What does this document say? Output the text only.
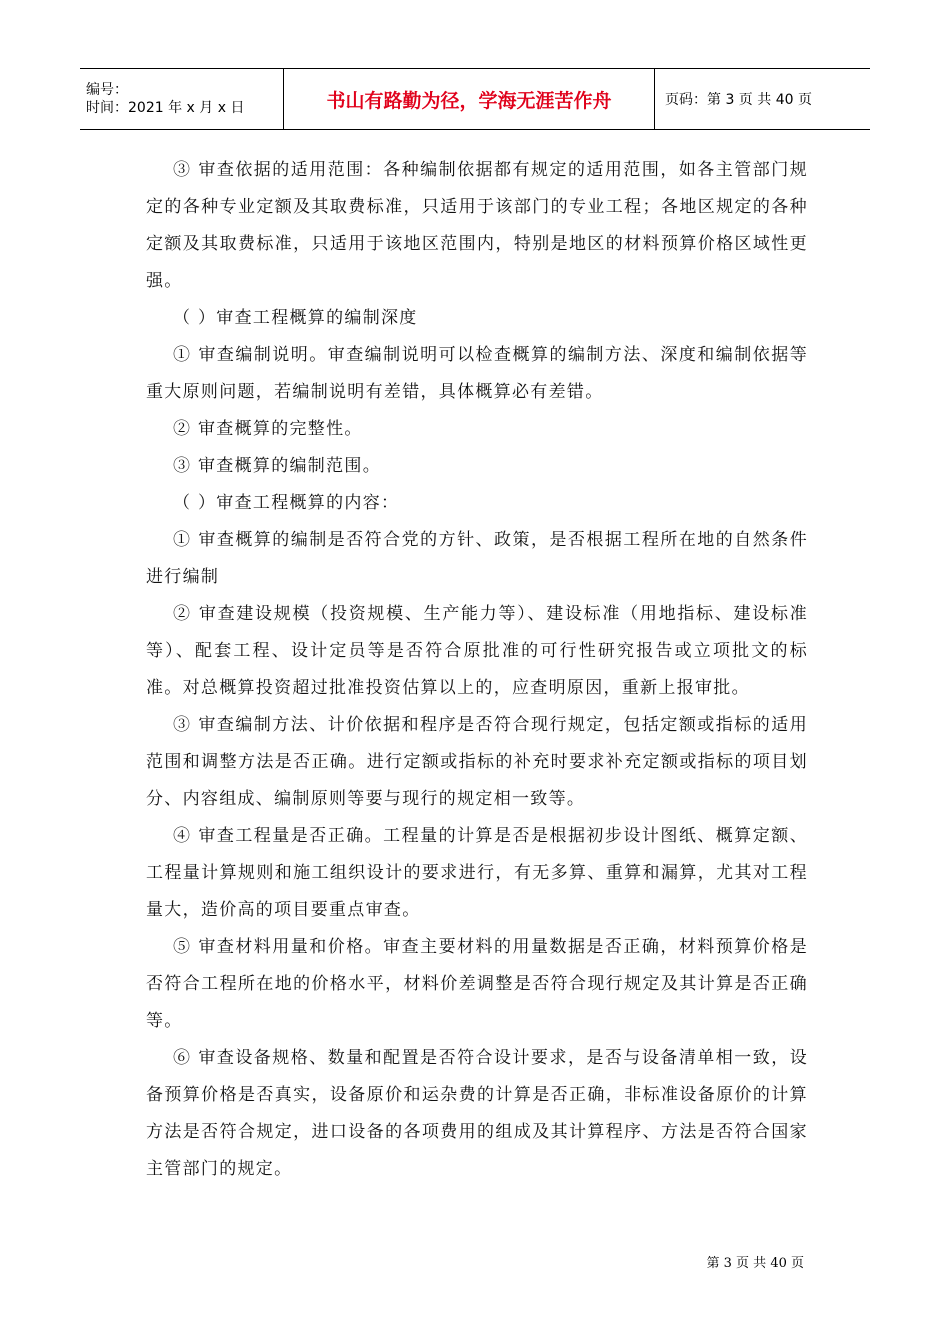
编号：
时间：2021 年 x 月 x 日	书山有路勤为径，学海无涯苦作舟	页码：第 3 页 共 40 页

③ 审查依据的适用范围：各种编制依据都有规定的适用范围，如各主管部门规定的各种专业定额及其取费标准，只适用于该部门的专业工程；各地区规定的各种定额及其取费标准，只适用于该地区范围内，特别是地区的材料预算价格区域性更强。

（ ）审查工程概算的编制深度

① 审查编制说明。审查编制说明可以检查概算的编制方法、深度和编制依据等重大原则问题，若编制说明有差错，具体概算必有差错。

② 审查概算的完整性。

③ 审查概算的编制范围。

（ ）审查工程概算的内容：

① 审查概算的编制是否符合党的方针、政策，是否根据工程所在地的自然条件进行编制

② 审查建设规模（投资规模、生产能力等）、建设标准（用地指标、建设标准等）、配套工程、设计定员等是否符合原批准的可行性研究报告或立项批文的标准。对总概算投资超过批准投资估算以上的，应查明原因，重新上报审批。

③ 审查编制方法、计价依据和程序是否符合现行规定，包括定额或指标的适用范围和调整方法是否正确。进行定额或指标的补充时要求补充定额或指标的项目划分、内容组成、编制原则等要与现行的规定相一致等。

④ 审查工程量是否正确。工程量的计算是否是根据初步设计图纸、概算定额、工程量计算规则和施工组织设计的要求进行，有无多算、重算和漏算，尤其对工程量大，造价高的项目要重点审查。

⑤ 审查材料用量和价格。审查主要材料的用量数据是否正确，材料预算价格是否符合工程所在地的价格水平，材料价差调整是否符合现行规定及其计算是否正确等。

⑥ 审查设备规格、数量和配置是否符合设计要求，是否与设备清单相一致，设备预算价格是否真实，设备原价和运杂费的计算是否正确，非标准设备原价的计算方法是否符合规定，进口设备的各项费用的组成及其计算程序、方法是否符合国家主管部门的规定。

第 3 页 共 40 页
